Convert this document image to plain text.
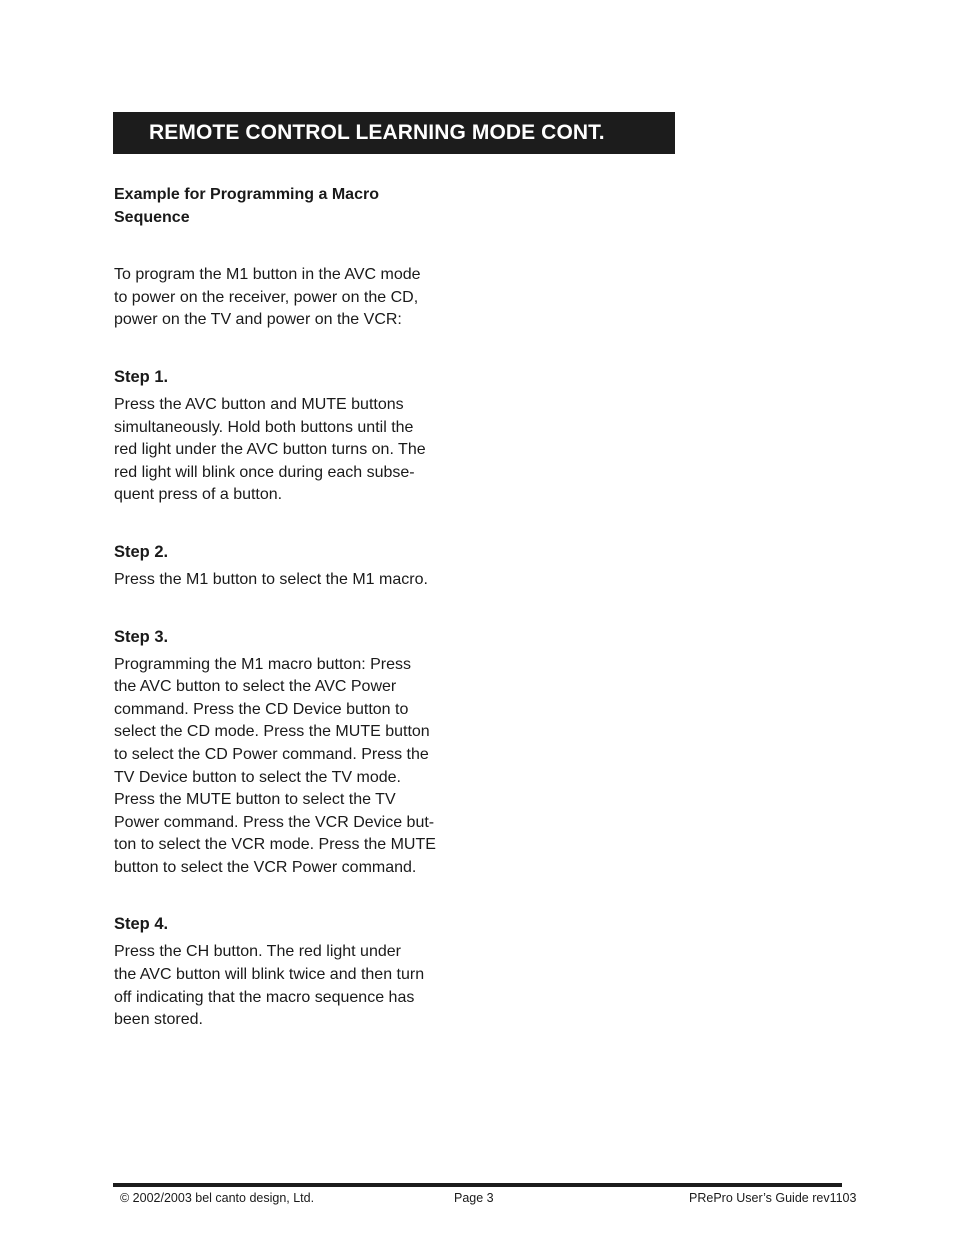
REMOTE CONTROL LEARNING MODE CONT.

Example for Programming a Macro
Sequence

To program the M1 button in the AVC mode
to power on the receiver, power on the CD,
power on the TV and power on the VCR:

Step 1.

Press the AVC button and MUTE buttons
simultaneously. Hold both buttons until the
red light under the AVC button turns on. The
red light will blink once during each subse-
quent press of a button.

Step 2.

Press the M1 button to select the M1 macro.

Step 3.

Programming the M1 macro button: Press
the AVC button to select the AVC Power
command. Press the CD Device button to
select the CD mode. Press the MUTE button
to select the CD Power command. Press the
TV Device button to select the TV mode.
Press the MUTE button to select the TV
Power command. Press the VCR Device but-
ton to select the VCR mode. Press the MUTE
button to select the VCR Power command.

Step 4.

Press the CH button. The red light under
the AVC button will blink twice and then turn
off indicating that the macro sequence has
been stored.

© 2002/2003 bel canto design, Ltd.	Page 3	PRePro User’s Guide rev1103
